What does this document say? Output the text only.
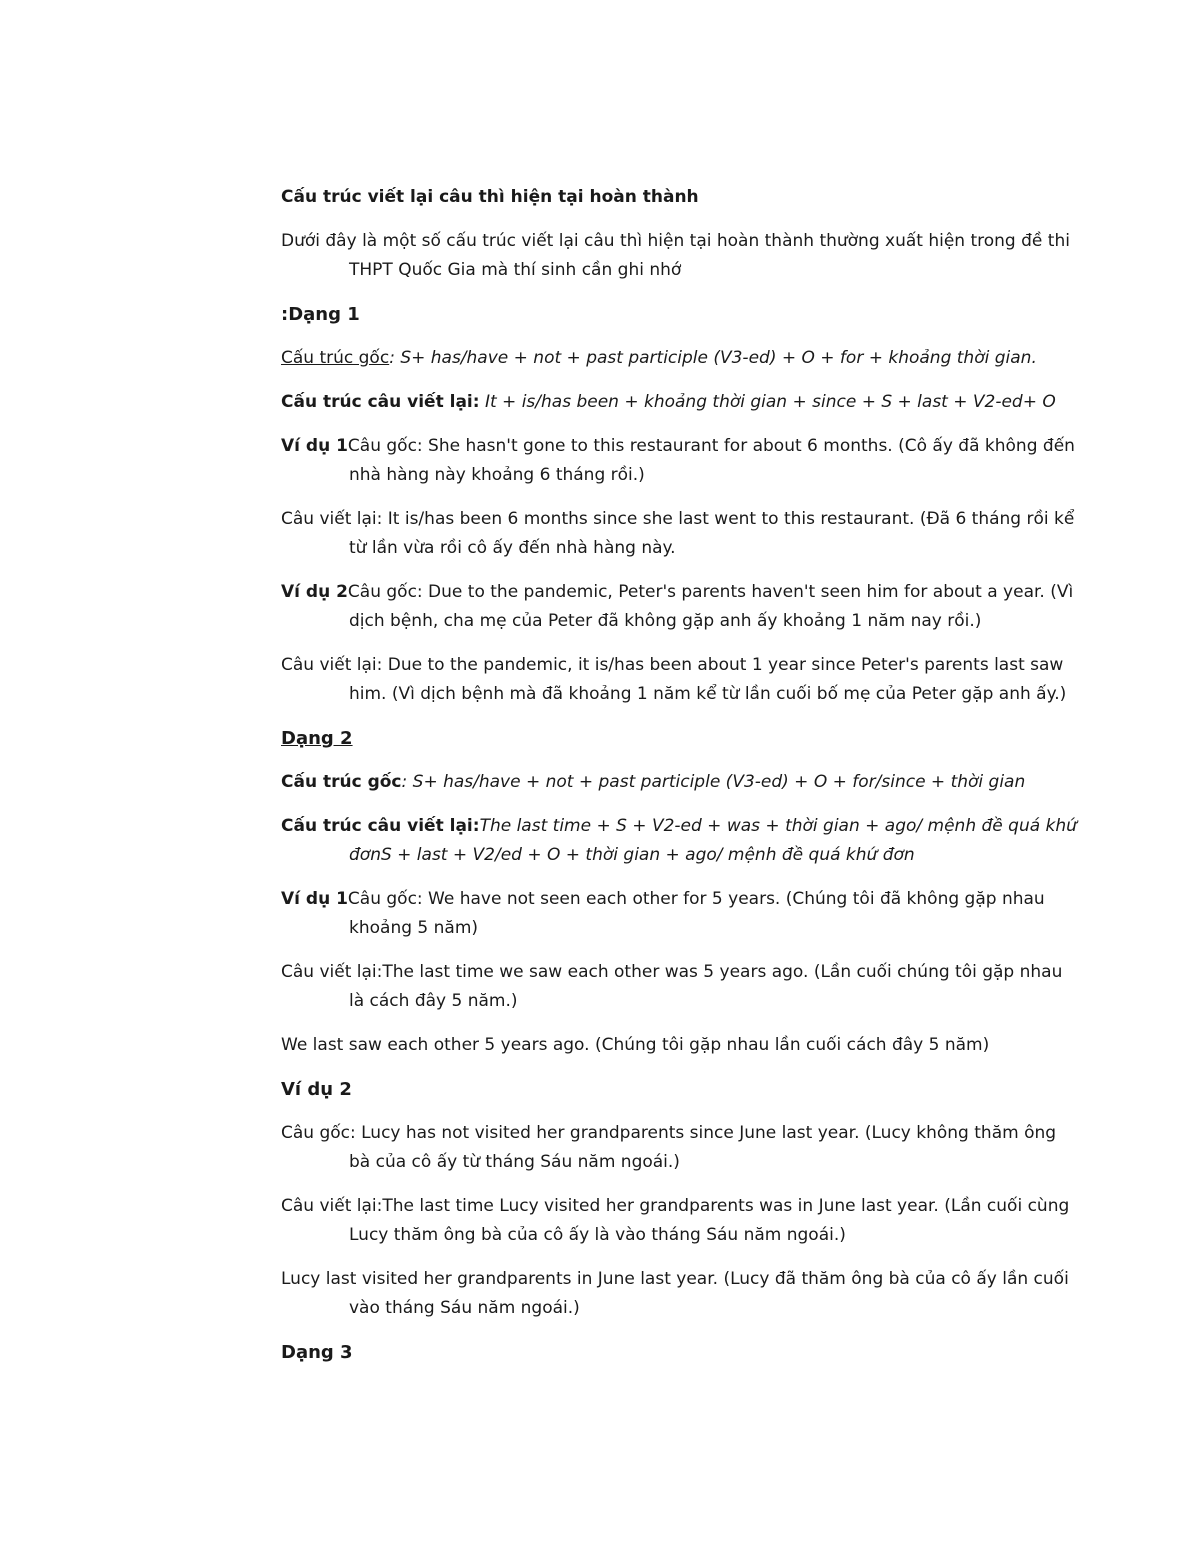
Cấu trúc viết lại câu thì hiện tại hoàn thành

Dưới đây là một số cấu trúc viết lại câu thì hiện tại hoàn thành thường xuất hiện trong đề thi THPT Quốc Gia mà thí sinh cần ghi nhớ

:Dạng 1

Cấu trúc gốc: S+ has/have + not + past participle (V3-ed) + O + for + khoảng thời gian.

Cấu trúc câu viết lại: It + is/has been + khoảng thời gian + since + S + last + V2-ed+ O

Ví dụ 1Câu gốc: She hasn't gone to this restaurant for about 6 months. (Cô ấy đã không đến nhà hàng này khoảng 6 tháng rồi.)

Câu viết lại: It is/has been 6 months since she last went to this restaurant. (Đã 6 tháng rồi kể từ lần vừa rồi cô ấy đến nhà hàng này.

Ví dụ 2Câu gốc: Due to the pandemic, Peter's parents haven't seen him for about a year. (Vì dịch bệnh, cha mẹ của Peter đã không gặp anh ấy khoảng 1 năm nay rồi.)

Câu viết lại: Due to the pandemic, it is/has been about 1 year since Peter's parents last saw him. (Vì dịch bệnh mà đã khoảng 1 năm kể từ lần cuối bố mẹ của Peter gặp anh ấy.)

Dạng 2

Cấu trúc gốc: S+ has/have + not + past participle (V3-ed) + O + for/since + thời gian

Cấu trúc câu viết lại:The last time + S + V2-ed + was + thời gian + ago/ mệnh đề quá khứ đơnS + last + V2/ed + O + thời gian + ago/ mệnh đề quá khứ đơn

Ví dụ 1Câu gốc: We have not seen each other for 5 years. (Chúng tôi đã không gặp nhau khoảng 5 năm)

Câu viết lại:The last time we saw each other was 5 years ago. (Lần cuối chúng tôi gặp nhau là cách đây 5 năm.)

We last saw each other 5 years ago. (Chúng tôi gặp nhau lần cuối cách đây 5 năm)

Ví dụ 2

Câu gốc: Lucy has not visited her grandparents since June last year. (Lucy không thăm ông bà của cô ấy từ tháng Sáu năm ngoái.)

Câu viết lại:The last time Lucy visited her grandparents was in June last year. (Lần cuối cùng Lucy thăm ông bà của cô ấy là vào tháng Sáu năm ngoái.)

Lucy last visited her grandparents in June last year. (Lucy đã thăm ông bà của cô ấy lần cuối vào tháng Sáu năm ngoái.)

Dạng 3
